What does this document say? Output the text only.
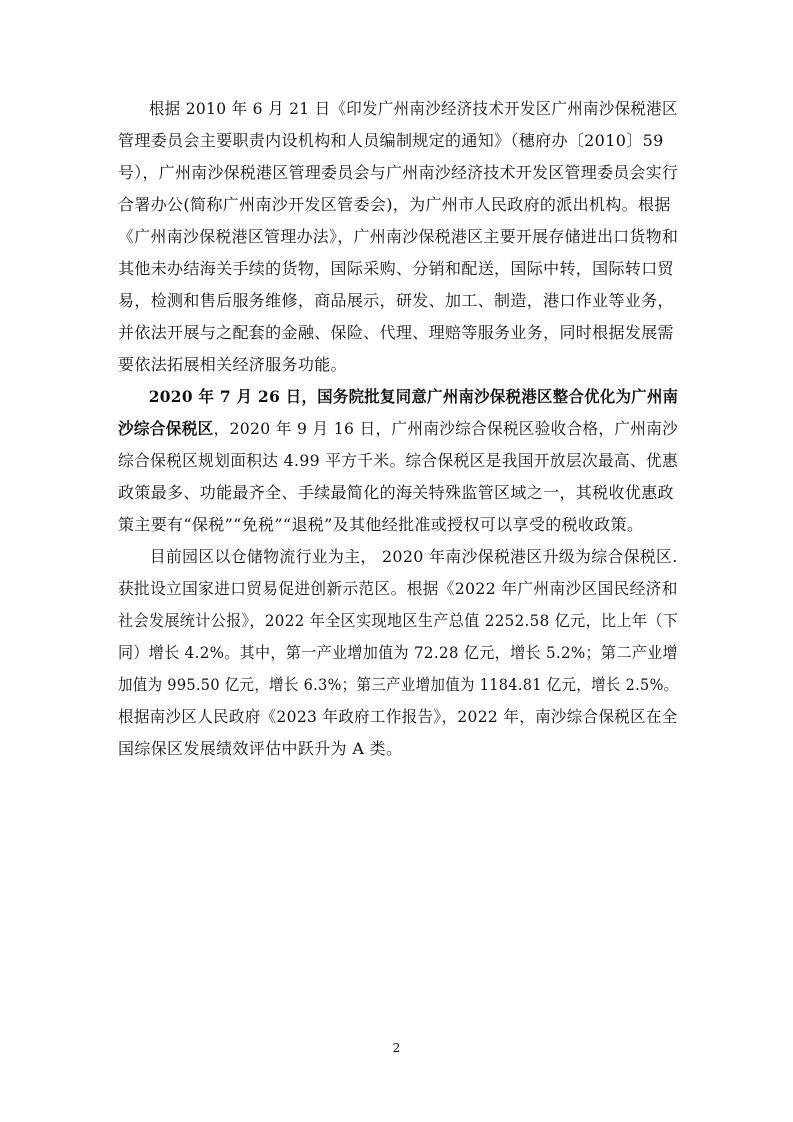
根据 2010 年 6 月 21 日《印发广州南沙经济技术开发区广州南沙保税港区
管理委员会主要职责内设机构和人员编制规定的通知》（穗府办〔2010〕59
号），广州南沙保税港区管理委员会与广州南沙经济技术开发区管理委员会实行
合署办公(简称广州南沙开发区管委会)，为广州市人民政府的派出机构。根据
《广州南沙保税港区管理办法》，广州南沙保税港区主要开展存储进出口货物和
其他未办结海关手续的货物，国际采购、分销和配送，国际中转，国际转口贸
易，检测和售后服务维修，商品展示，研发、加工、制造，港口作业等业务，
并依法开展与之配套的金融、保险、代理、理赔等服务业务，同时根据发展需
要依法拓展相关经济服务功能。
2020 年 7 月 26 日，国务院批复同意广州南沙保税港区整合优化为广州南
沙综合保税区，2020 年 9 月 16 日，广州南沙综合保税区验收合格，广州南沙
综合保税区规划面积达 4.99 平方千米。综合保税区是我国开放层次最高、优惠
政策最多、功能最齐全、手续最简化的海关特殊监管区域之一，其税收优惠政
策主要有“保税”“免税”“退税”及其他经批准或授权可以享受的税收政策。
目前园区以仓储物流行业为主， 2020 年南沙保税港区升级为综合保税区.
获批设立国家进口贸易促进创新示范区。根据《2022 年广州南沙区国民经济和
社会发展统计公报》，2022 年全区实现地区生产总值 2252.58 亿元，比上年（下
同）增长 4.2%。其中，第一产业增加值为 72.28 亿元，增长 5.2%；第二产业增
加值为 995.50 亿元，增长 6.3%；第三产业增加值为 1184.81 亿元，增长 2.5%。
根据南沙区人民政府《2023 年政府工作报告》，2022 年，南沙综合保税区在全
国综保区发展绩效评估中跃升为 A 类。
2
